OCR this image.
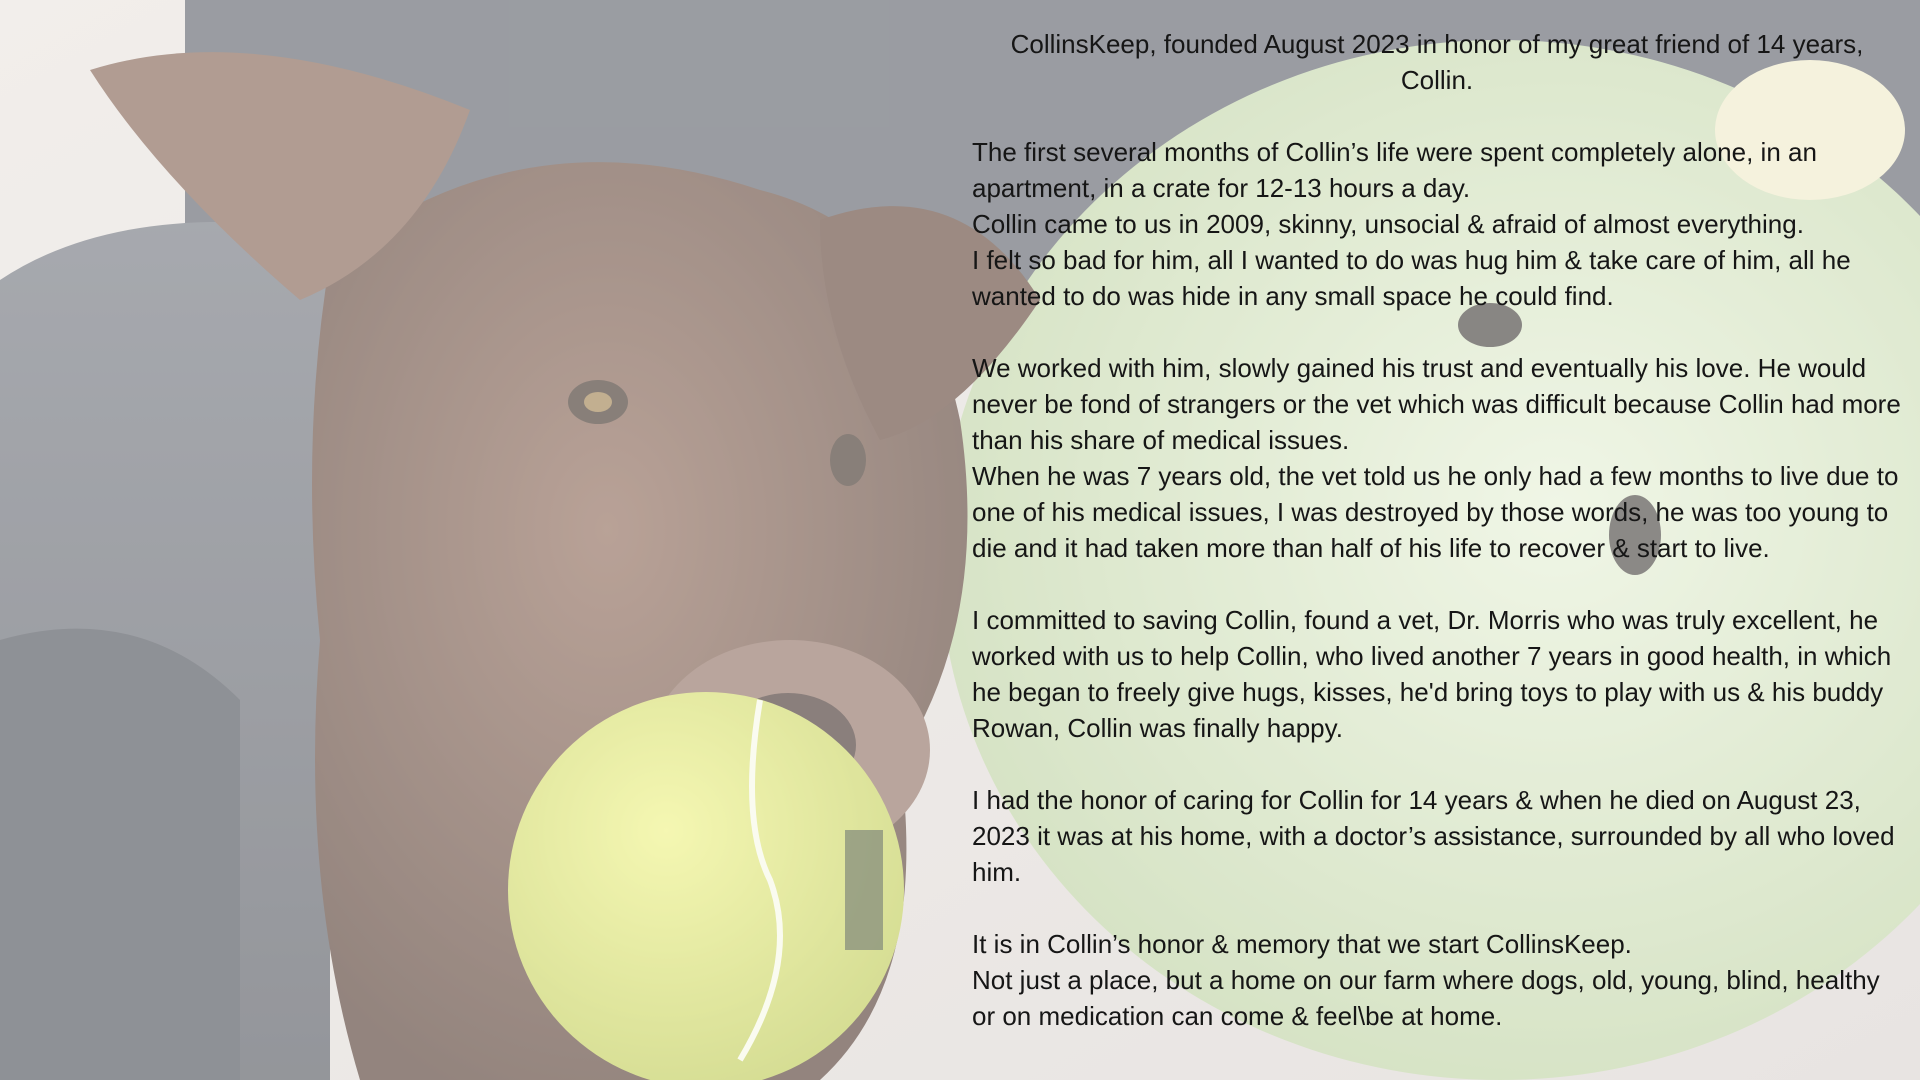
CollinsKeep, founded August 2023 in honor of my great friend of 14 years,
Collin.

The first several months of Collin’s life were spent completely alone, in an apartment, in a crate for 12-13 hours a day.
Collin came to us in 2009, skinny, unsocial & afraid of almost everything.
I felt so bad for him, all I wanted to do was hug him & take care of him, all he wanted to do was hide in any small space he could find.

We worked with him, slowly gained his trust and eventually his love. He would never be fond of strangers or the vet which was difficult because Collin had more than his share of medical issues.
When he was 7 years old, the vet told us he only had a few months to live due to one of his medical issues, I was destroyed by those words, he was too young to die and it had taken more than half of his life to recover & start to live.

I committed to saving Collin, found a vet, Dr. Morris who was truly excellent, he worked with us to help Collin, who lived another 7 years in good health, in which he began to freely give hugs, kisses, he'd bring toys to play with us & his buddy Rowan, Collin was finally happy.

I had the honor of caring for Collin for 14 years & when he died on August 23, 2023 it was at his home, with a doctor’s assistance, surrounded by all who loved him.

It is in Collin’s honor & memory that we start CollinsKeep.
Not just a place, but a home on our farm where dogs, old, young, blind, healthy or on medication can come & feel\be at home.
